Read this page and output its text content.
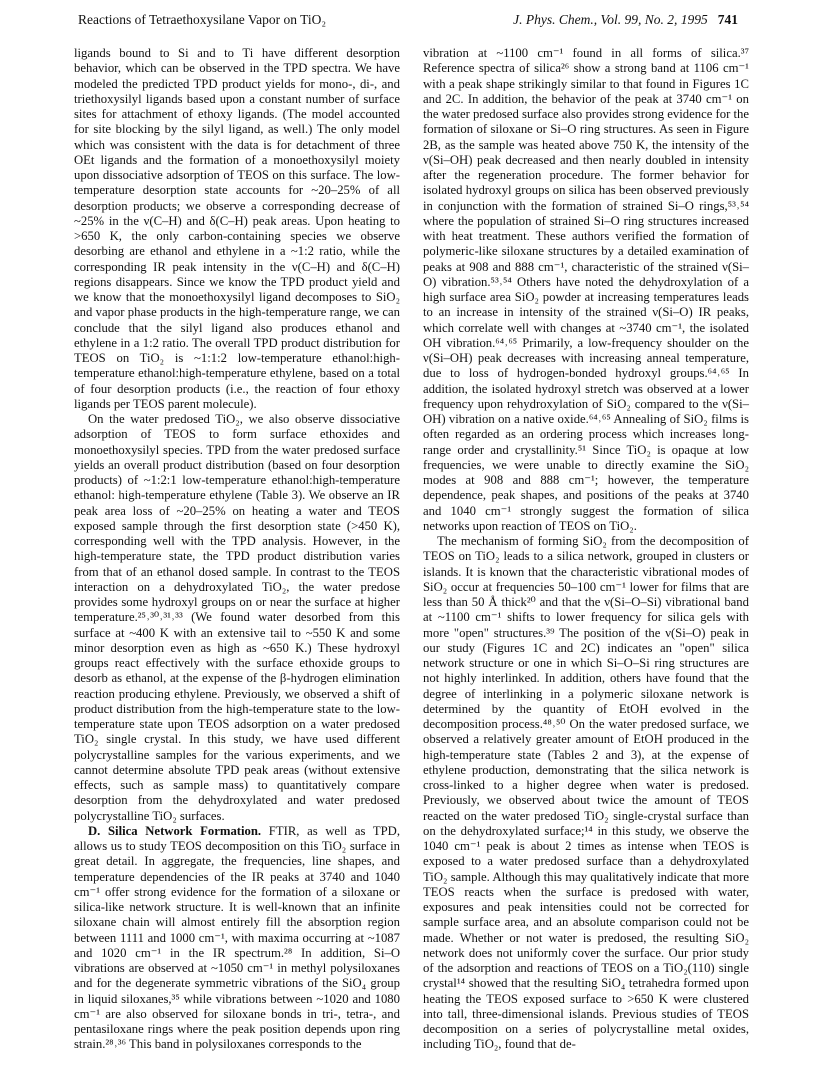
Reactions of Tetraethoxysilane Vapor on TiO₂	J. Phys. Chem., Vol. 99, No. 2, 1995 741

ligands bound to Si and to Ti have different desorption behavior, which can be observed in the TPD spectra. We have modeled the predicted TPD product yields for mono-, di-, and triethoxysilyl ligands based upon a constant number of surface sites for attachment of ethoxy ligands. (The model accounted for site blocking by the silyl ligand, as well.) The only model which was consistent with the data is for detachment of three OEt ligands and the formation of a monoethoxysilyl moiety upon dissociative adsorption of TEOS on this surface. The low-temperature desorption state accounts for ~20–25% of all desorption products; we observe a corresponding decrease of ~25% in the ν(C–H) and δ(C–H) peak areas. Upon heating to >650 K, the only carbon-containing species we observe desorbing are ethanol and ethylene in a ~1:2 ratio, while the corresponding IR peak intensity in the ν(C–H) and δ(C–H) regions disappears. Since we know the TPD product yield and we know that the monoethoxysilyl ligand decomposes to SiO₂ and vapor phase products in the high-temperature range, we can conclude that the silyl ligand also produces ethanol and ethylene in a 1:2 ratio. The overall TPD product distribution for TEOS on TiO₂ is ~1:1:2 low-temperature ethanol:high-temperature ethanol:high-temperature ethylene, based on a total of four desorption products (i.e., the reaction of four ethoxy ligands per TEOS parent molecule).

On the water predosed TiO₂, we also observe dissociative adsorption of TEOS to form surface ethoxides and monoethoxysilyl species. TPD from the water predosed surface yields an overall product distribution (based on four desorption products) of ~1:2:1 low-temperature ethanol:high-temperature ethanol: high-temperature ethylene (Table 3). We observe an IR peak area loss of ~20–25% on heating a water and TEOS exposed sample through the first desorption state (>450 K), corresponding well with the TPD analysis. However, in the high-temperature state, the TPD product distribution varies from that of an ethanol dosed sample. In contrast to the TEOS interaction on a dehydroxylated TiO₂, the water predose provides some hydroxyl groups on or near the surface at higher temperature.²⁵˒³⁰˒³¹˒³³ (We found water desorbed from this surface at ~400 K with an extensive tail to ~550 K and some minor desorption even as high as ~650 K.) These hydroxyl groups react effectively with the surface ethoxide groups to desorb as ethanol, at the expense of the β-hydrogen elimination reaction producing ethylene. Previously, we observed a shift of product distribution from the high-temperature state to the low-temperature state upon TEOS adsorption on a water predosed TiO₂ single crystal. In this study, we have used different polycrystalline samples for the various experiments, and we cannot determine absolute TPD peak areas (without extensive effects, such as sample mass) to quantitatively compare desorption from the dehydroxylated and water predosed polycrystalline TiO₂ surfaces.

D. Silica Network Formation. FTIR, as well as TPD, allows us to study TEOS decomposition on this TiO₂ surface in great detail. In aggregate, the frequencies, line shapes, and temperature dependencies of the IR peaks at 3740 and 1040 cm⁻¹ offer strong evidence for the formation of a siloxane or silica-like network structure. It is well-known that an infinite siloxane chain will almost entirely fill the absorption region between 1111 and 1000 cm⁻¹, with maxima occurring at ~1087 and 1020 cm⁻¹ in the IR spectrum.²⁸ In addition, Si–O vibrations are observed at ~1050 cm⁻¹ in methyl polysiloxanes and for the degenerate symmetric vibrations of the SiO₄ group in liquid siloxanes,³⁵ while vibrations between ~1020 and 1080 cm⁻¹ are also observed for siloxane bonds in tri-, tetra-, and pentasiloxane rings where the peak position depends upon ring strain.²⁸˒³⁶ This band in polysiloxanes corresponds to the

vibration at ~1100 cm⁻¹ found in all forms of silica.³⁷ Reference spectra of silica²⁶ show a strong band at 1106 cm⁻¹ with a peak shape strikingly similar to that found in Figures 1C and 2C. In addition, the behavior of the peak at 3740 cm⁻¹ on the water predosed surface also provides strong evidence for the formation of siloxane or Si–O ring structures. As seen in Figure 2B, as the sample was heated above 750 K, the intensity of the ν(Si–OH) peak decreased and then nearly doubled in intensity after the regeneration procedure. The former behavior for isolated hydroxyl groups on silica has been observed previously in conjunction with the formation of strained Si–O rings,⁵³˒⁵⁴ where the population of strained Si–O ring structures increased with heat treatment. These authors verified the formation of polymeric-like siloxane structures by a detailed examination of peaks at 908 and 888 cm⁻¹, characteristic of the strained ν(Si–O) vibration.⁵³˒⁵⁴ Others have noted the dehydroxylation of a high surface area SiO₂ powder at increasing temperatures leads to an increase in intensity of the strained ν(Si–O) IR peaks, which correlate well with changes at ~3740 cm⁻¹, the isolated OH vibration.⁶⁴˒⁶⁵ Primarily, a low-frequency shoulder on the ν(Si–OH) peak decreases with increasing anneal temperature, due to loss of hydrogen-bonded hydroxyl groups.⁶⁴˒⁶⁵ In addition, the isolated hydroxyl stretch was observed at a lower frequency upon rehydroxylation of SiO₂ compared to the ν(Si–OH) vibration on a native oxide.⁶⁴˒⁶⁵ Annealing of SiO₂ films is often regarded as an ordering process which increases long-range order and crystallinity.⁵¹ Since TiO₂ is opaque at low frequencies, we were unable to directly examine the SiO₂ modes at 908 and 888 cm⁻¹; however, the temperature dependence, peak shapes, and positions of the peaks at 3740 and 1040 cm⁻¹ strongly suggest the formation of silica networks upon reaction of TEOS on TiO₂.

The mechanism of forming SiO₂ from the decomposition of TEOS on TiO₂ leads to a silica network, grouped in clusters or islands. It is known that the characteristic vibrational modes of SiO₂ occur at frequencies 50–100 cm⁻¹ lower for films that are less than 50 Å thick²⁰ and that the ν(Si–O–Si) vibrational band at ~1100 cm⁻¹ shifts to lower frequency for silica gels with more "open" structures.³⁹ The position of the ν(Si–O) peak in our study (Figures 1C and 2C) indicates an "open" silica network structure or one in which Si–O–Si ring structures are not highly interlinked. In addition, others have found that the degree of interlinking in a polymeric siloxane network is determined by the quantity of EtOH evolved in the decomposition process.⁴⁸˒⁵⁰ On the water predosed surface, we observed a relatively greater amount of EtOH produced in the high-temperature state (Tables 2 and 3), at the expense of ethylene production, demonstrating that the silica network is cross-linked to a higher degree when water is predosed. Previously, we observed about twice the amount of TEOS reacted on the water predosed TiO₂ single-crystal surface than on the dehydroxylated surface;¹⁴ in this study, we observe the 1040 cm⁻¹ peak is about 2 times as intense when TEOS is exposed to a water predosed surface than a dehydroxylated TiO₂ sample. Although this may qualitatively indicate that more TEOS reacts when the surface is predosed with water, exposures and peak intensities could not be corrected for sample surface area, and an absolute comparison could not be made. Whether or not water is predosed, the resulting SiO₂ network does not uniformly cover the surface. Our prior study of the adsorption and reactions of TEOS on a TiO₂(110) single crystal¹⁴ showed that the resulting SiO₄ tetrahedra formed upon heating the TEOS exposed surface to >650 K were clustered into tall, three-dimensional islands. Previous studies of TEOS decomposition on a series of polycrystalline metal oxides, including TiO₂, found that de-
